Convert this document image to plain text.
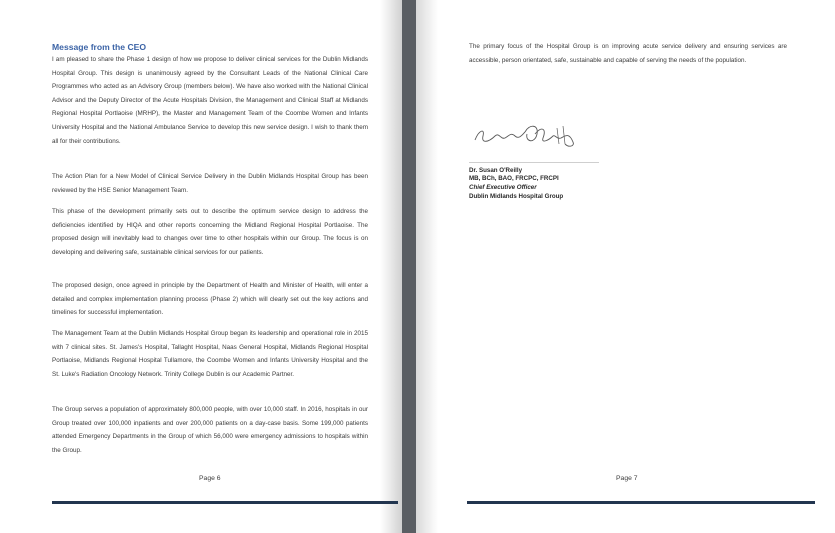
Message from the CEO

I am pleased to share the Phase 1 design of how we propose to deliver clinical services for the Dublin Midlands Hospital Group. This design is unanimously agreed by the Consultant Leads of the National Clinical Care Programmes who acted as an Advisory Group (members below). We have also worked with the National Clinical Advisor and the Deputy Director of the Acute Hospitals Division, the Management and Clinical Staff at Midlands Regional Hospital Portlaoise (MRHP), the Master and Management Team of the Coombe Women and Infants University Hospital and the National Ambulance Service to develop this new service design. I wish to thank them all for their contributions.

The Action Plan for a New Model of Clinical Service Delivery in the Dublin Midlands Hospital Group has been reviewed by the HSE Senior Management Team.

This phase of the development primarily sets out to describe the optimum service design to address the deficiencies identified by HIQA and other reports concerning the Midland Regional Hospital Portlaoise. The proposed design will inevitably lead to changes over time to other hospitals within our Group. The focus is on developing and delivering safe, sustainable clinical services for our patients.

The proposed design, once agreed in principle by the Department of Health and Minister of Health, will enter a detailed and complex implementation planning process (Phase 2) which will clearly set out the key actions and timelines for successful implementation.

The Management Team at the Dublin Midlands Hospital Group began its leadership and operational role in 2015 with 7 clinical sites. St. James's Hospital, Tallaght Hospital, Naas General Hospital, Midlands Regional Hospital Portlaoise, Midlands Regional Hospital Tullamore, the Coombe Women and Infants University Hospital and the St. Luke's Radiation Oncology Network. Trinity College Dublin is our Academic Partner.

The Group serves a population of approximately 800,000 people, with over 10,000 staff. In 2016, hospitals in our Group treated over 100,000 inpatients and over 200,000 patients on a day-case basis. Some 199,000 patients attended Emergency Departments in the Group of which 56,000 were emergency admissions to hospitals within the Group.

Page 6

The primary focus of the Hospital Group is on improving acute service delivery and ensuring services are accessible, person orientated, safe, sustainable and capable of serving the needs of the population.

Dr. Susan O'Reilly
MB, BCh, BAO, FRCPC, FRCPI
Chief Executive Officer
Dublin Midlands Hospital Group
Page 7
